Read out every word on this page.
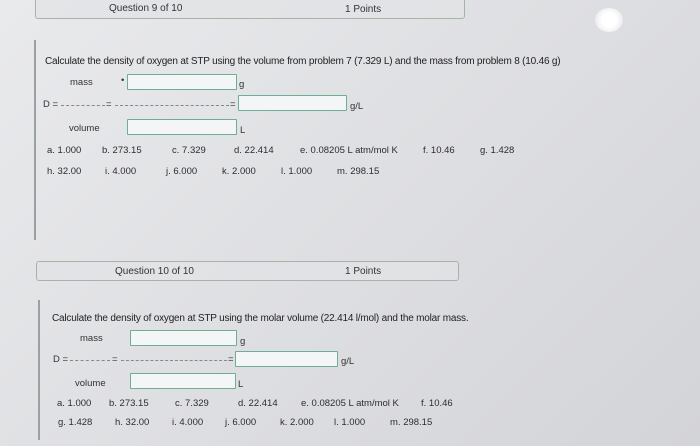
Question 9 of 10	1 Points
Calculate the density of oxygen at STP using the volume from problem 7 (7.329 L) and the mass from problem 8 (10.46 g)
mass	•	g
D =	=	=	g/L
volume	L
a. 1.000 b. 273.15	c. 7.329	d. 22.414	e. 0.08205 L atm/mol K	f. 10.46	g. 1.428
h. 32.00 i. 4.000	j. 6.000	k. 2.000	l. 1.000	m. 298.15
Question 10 of 10	1 Points
Calculate the density of oxygen at STP using the molar volume (22.414 l/mol) and the molar mass.
mass	g
D =	=	=	g/L
volume	L
a. 1.000 b. 273.15	c. 7.329	d. 22.414 e. 0.08205 L atm/mol K f. 10.46
g. 1.428 h. 32.00 i. 4.000 j. 6.000	k. 2.000 l. 1.000	m. 298.15
